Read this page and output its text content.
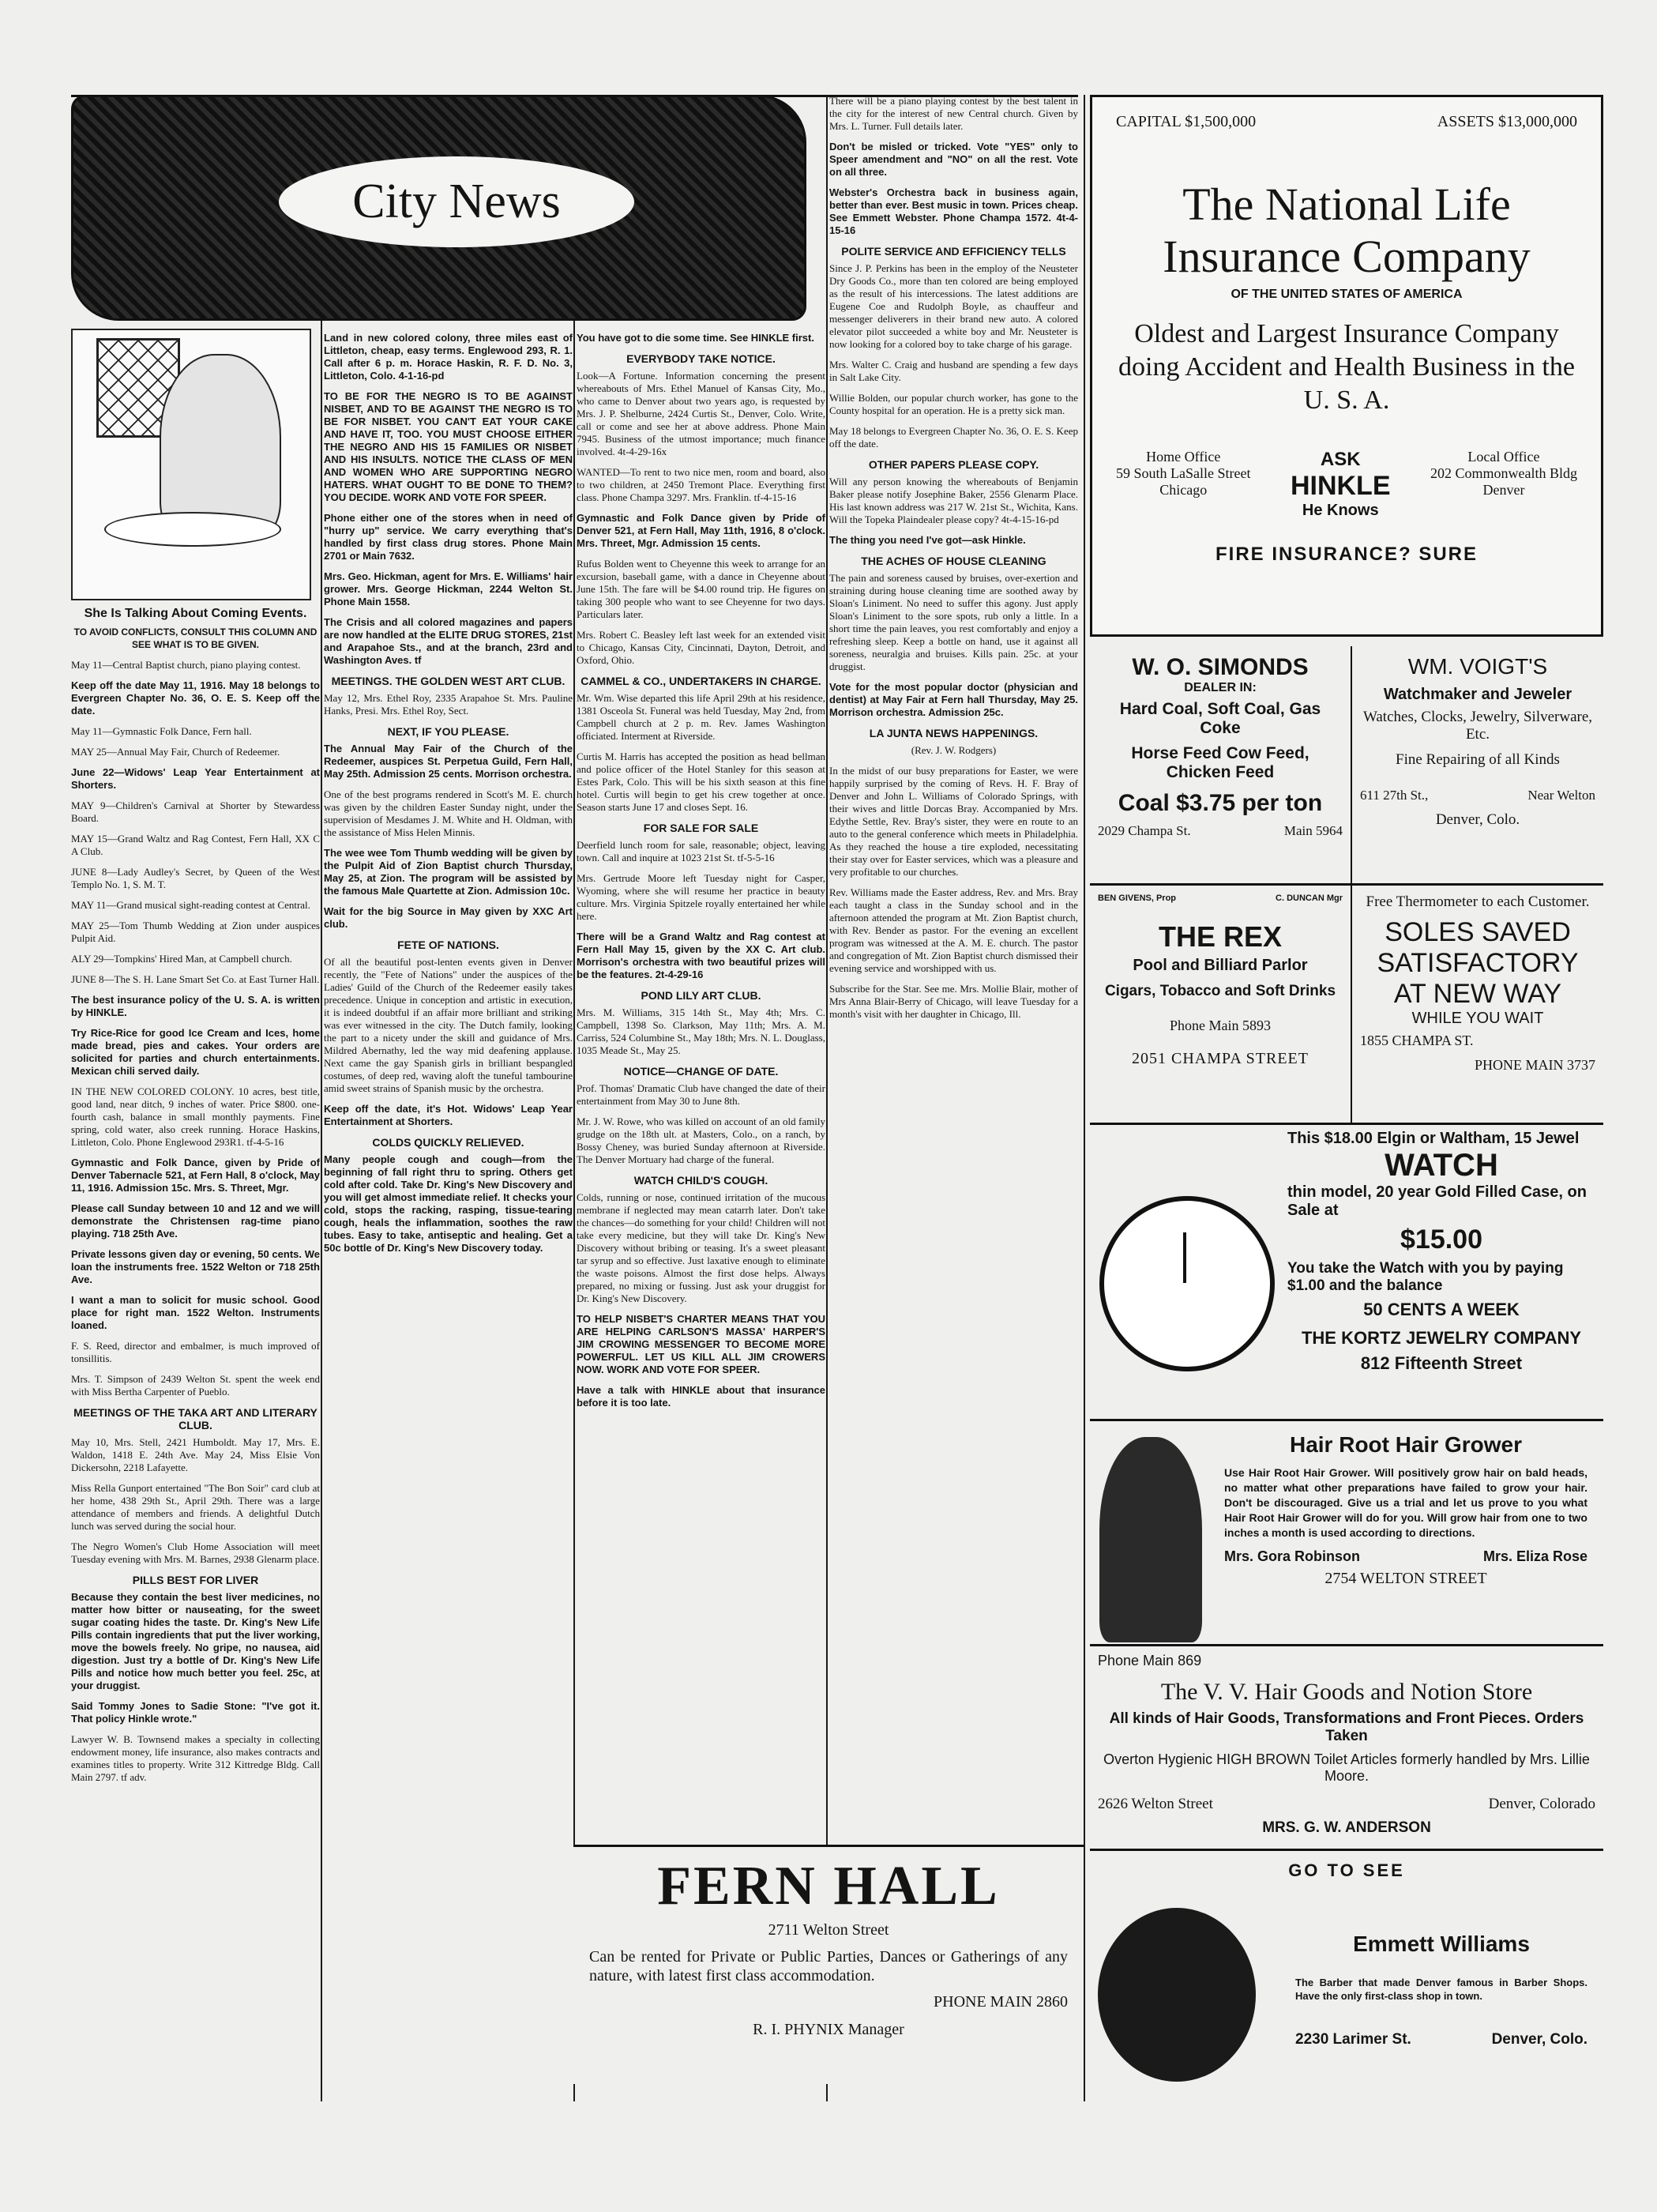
City News
She Is Talking About Coming Events.

TO AVOID CONFLICTS, CONSULT THIS COLUMN AND SEE WHAT IS TO BE GIVEN.

May 11—Central Baptist church, piano playing contest.

Keep off the date May 11, 1916. May 18 belongs to Evergreen Chapter No. 36, O. E. S. Keep off the date.

May 11—Gymnastic Folk Dance, Fern hall.

MAY 25—Annual May Fair, Church of Redeemer.

June 22—Widows' Leap Year Entertainment at Shorters.

MAY 9—Children's Carnival at Shorter by Stewardess Board.

MAY 15—Grand Waltz and Rag Contest, Fern Hall, XX C A Club.

JUNE 8—Lady Audley's Secret, by Queen of the West Templo No. 1, S. M. T.

MAY 11—Grand musical sight-reading contest at Central.

MAY 25—Tom Thumb Wedding at Zion under auspices Pulpit Aid.

ALY 29—Tompkins' Hired Man, at Campbell church.

JUNE 8—The S. H. Lane Smart Set Co. at East Turner Hall.

The best insurance policy of the U. S. A. is written by HINKLE.

Try Rice-Rice for good Ice Cream and Ices, home made bread, pies and cakes. Your orders are solicited for parties and church entertainments. Mexican chili served daily.

IN THE NEW COLORED COLONY. 10 acres, best title, good land, near ditch, 9 inches of water. Price $800. one-fourth cash, balance in small monthly payments. Fine spring, cold water, also creek running. Horace Haskins, Littleton, Colo. Phone Englewood 293R1. tf-4-5-16

Gymnastic and Folk Dance, given by Pride of Denver Tabernacle 521, at Fern Hall, 8 o'clock, May 11, 1916. Admission 15c. Mrs. S. Threet, Mgr.

Please call Sunday between 10 and 12 and we will demonstrate the Christensen rag-time piano playing. 718 25th Ave.

Private lessons given day or evening, 50 cents. We loan the instruments free. 1522 Welton or 718 25th Ave.

I want a man to solicit for music school. Good place for right man. 1522 Welton. Instruments loaned.

F. S. Reed, director and embalmer, is much improved of tonsillitis.

Mrs. T. Simpson of 2439 Welton St. spent the week end with Miss Bertha Carpenter of Pueblo.

MEETINGS OF THE TAKA ART AND LITERARY CLUB.

May 10, Mrs. Stell, 2421 Humboldt. May 17, Mrs. E. Waldon, 1418 E. 24th Ave. May 24, Miss Elsie Von Dickersohn, 2218 Lafayette.

Miss Rella Gunport entertained "The Bon Soir" card club at her home, 438 29th St., April 29th. There was a large attendance of members and friends. A delightful Dutch lunch was served during the social hour.

The Negro Women's Club Home Association will meet Tuesday evening with Mrs. M. Barnes, 2938 Glenarm place.

PILLS BEST FOR LIVER

Because they contain the best liver medicines, no matter how bitter or nauseating, for the sweet sugar coating hides the taste. Dr. King's New Life Pills contain ingredients that put the liver working, move the bowels freely. No gripe, no nausea, aid digestion. Just try a bottle of Dr. King's New Life Pills and notice how much better you feel. 25c, at your druggist.

Said Tommy Jones to Sadie Stone: "I've got it. That policy Hinkle wrote."

Lawyer W. B. Townsend makes a specialty in collecting endowment money, life insurance, also makes contracts and examines titles to property. Write 312 Kittredge Bldg. Call Main 2797. tf adv.

Land in new colored colony, three miles east of Littleton, cheap, easy terms. Englewood 293, R. 1. Call after 6 p. m. Horace Haskin, R. F. D. No. 3, Littleton, Colo. 4-1-16-pd

TO BE FOR THE NEGRO IS TO BE AGAINST NISBET, AND TO BE AGAINST THE NEGRO IS TO BE FOR NISBET. YOU CAN'T EAT YOUR CAKE AND HAVE IT, TOO. YOU MUST CHOOSE EITHER THE NEGRO AND HIS 15 FAMILIES OR NISBET AND HIS INSULTS. NOTICE THE CLASS OF MEN AND WOMEN WHO ARE SUPPORTING NEGRO HATERS. WHAT OUGHT TO BE DONE TO THEM? YOU DECIDE. WORK AND VOTE FOR SPEER.

Phone either one of the stores when in need of "hurry up" service. We carry everything that's handled by first class drug stores. Phone Main 2701 or Main 7632.

Mrs. Geo. Hickman, agent for Mrs. E. Williams' hair grower. Mrs. George Hickman, 2244 Welton St. Phone Main 1558.

The Crisis and all colored magazines and papers are now handled at the ELITE DRUG STORES, 21st and Arapahoe Sts., and at the branch, 23rd and Washington Aves. tf

MEETINGS. THE GOLDEN WEST ART CLUB.

May 12, Mrs. Ethel Roy, 2335 Arapahoe St. Mrs. Pauline Hanks, Presi. Mrs. Ethel Roy, Sect.

NEXT, IF YOU PLEASE.

The Annual May Fair of the Church of the Redeemer, auspices St. Perpetua Guild, Fern Hall, May 25th. Admission 25 cents. Morrison orchestra.

One of the best programs rendered in Scott's M. E. church was given by the children Easter Sunday night, under the supervision of Mesdames J. M. White and H. Oldman, with the assistance of Miss Helen Minnis.

The wee wee Tom Thumb wedding will be given by the Pulpit Aid of Zion Baptist church Thursday, May 25, at Zion. The program will be assisted by the famous Male Quartette at Zion. Admission 10c.

Wait for the big Source in May given by XXC Art club.

FETE OF NATIONS.

Of all the beautiful post-lenten events given in Denver recently, the "Fete of Nations" under the auspices of the Ladies' Guild of the Church of the Redeemer easily takes precedence. Unique in conception and artistic in execution, it is indeed doubtful if an affair more brilliant and striking was ever witnessed in the city. The Dutch family, looking the part to a nicety under the skill and guidance of Mrs. Mildred Abernathy, led the way mid deafening applause. Next came the gay Spanish girls in brilliant bespangled costumes, of deep red, waving aloft the tuneful tambourine amid sweet strains of Spanish music by the orchestra.

Keep off the date, it's Hot. Widows' Leap Year Entertainment at Shorters.

COLDS QUICKLY RELIEVED.

Many people cough and cough—from the beginning of fall right thru to spring. Others get cold after cold. Take Dr. King's New Discovery and you will get almost immediate relief. It checks your cold, stops the racking, rasping, tissue-tearing cough, heals the inflammation, soothes the raw tubes. Easy to take, antiseptic and healing. Get a 50c bottle of Dr. King's New Discovery today.

You have got to die some time. See HINKLE first.

EVERYBODY TAKE NOTICE.

Look—A Fortune. Information concerning the present whereabouts of Mrs. Ethel Manuel of Kansas City, Mo., who came to Denver about two years ago, is requested by Mrs. J. P. Shelburne, 2424 Curtis St., Denver, Colo. Write, call or come and see her at above address. Phone Main 7945. Business of the utmost importance; much finance involved. 4t-4-29-16x

WANTED—To rent to two nice men, room and board, also to two children, at 2450 Tremont Place. Everything first class. Phone Champa 3297. Mrs. Franklin. tf-4-15-16

Gymnastic and Folk Dance given by Pride of Denver 521, at Fern Hall, May 11th, 1916, 8 o'clock. Mrs. Threet, Mgr. Admission 15 cents.

Rufus Bolden went to Cheyenne this week to arrange for an excursion, baseball game, with a dance in Cheyenne about June 15th. The fare will be $4.00 round trip. He figures on taking 300 people who want to see Cheyenne for two days. Particulars later.

Mrs. Robert C. Beasley left last week for an extended visit to Chicago, Kansas City, Cincinnati, Dayton, Detroit, and Oxford, Ohio.

CAMMEL & CO., UNDERTAKERS IN CHARGE.

Mr. Wm. Wise departed this life April 29th at his residence, 1381 Osceola St. Funeral was held Tuesday, May 2nd, from Campbell church at 2 p. m. Rev. James Washington officiated. Interment at Riverside.

Curtis M. Harris has accepted the position as head bellman and police officer of the Hotel Stanley for this season at Estes Park, Colo. This will be his sixth season at this fine hotel. Curtis will begin to get his crew together at once. Season starts June 17 and closes Sept. 16.

FOR SALE FOR SALE

Deerfield lunch room for sale, reasonable; object, leaving town. Call and inquire at 1023 21st St. tf-5-5-16

Mrs. Gertrude Moore left Tuesday night for Casper, Wyoming, where she will resume her practice in beauty culture. Mrs. Virginia Spitzele royally entertained her while here.

There will be a Grand Waltz and Rag contest at Fern Hall May 15, given by the XX C. Art club. Morrison's orchestra with two beautiful prizes will be the features. 2t-4-29-16

POND LILY ART CLUB.

Mrs. M. Williams, 315 14th St., May 4th; Mrs. C. Campbell, 1398 So. Clarkson, May 11th; Mrs. A. M. Carriss, 524 Columbine St., May 18th; Mrs. N. L. Douglass, 1035 Meade St., May 25.

NOTICE—CHANGE OF DATE.

Prof. Thomas' Dramatic Club have changed the date of their entertainment from May 30 to June 8th.

Mr. J. W. Rowe, who was killed on account of an old family grudge on the 18th ult. at Masters, Colo., on a ranch, by Bossy Cheney, was buried Sunday afternoon at Riverside. The Denver Mortuary had charge of the funeral.

WATCH CHILD'S COUGH.

Colds, running or nose, continued irritation of the mucous membrane if neglected may mean catarrh later. Don't take the chances—do something for your child! Children will not take every medicine, but they will take Dr. King's New Discovery without bribing or teasing. It's a sweet pleasant tar syrup and so effective. Just laxative enough to eliminate the waste poisons. Almost the first dose helps. Always prepared, no mixing or fussing. Just ask your druggist for Dr. King's New Discovery.

TO HELP NISBET'S CHARTER MEANS THAT YOU ARE HELPING CARLSON'S MASSA' HARPER'S JIM CROWING MESSENGER TO BECOME MORE POWERFUL. LET US KILL ALL JIM CROWERS NOW. WORK AND VOTE FOR SPEER.

Have a talk with HINKLE about that insurance before it is too late.

There will be a piano playing contest by the best talent in the city for the interest of new Central church. Given by Mrs. L. Turner. Full details later.

Don't be misled or tricked. Vote "YES" only to Speer amendment and "NO" on all the rest. Vote on all three.

Webster's Orchestra back in business again, better than ever. Best music in town. Prices cheap. See Emmett Webster. Phone Champa 1572. 4t-4-15-16

POLITE SERVICE AND EFFICIENCY TELLS

Since J. P. Perkins has been in the employ of the Neusteter Dry Goods Co., more than ten colored are being employed as the result of his intercessions. The latest additions are Eugene Coe and Rudolph Boyle, as chauffeur and messenger deliverers in their brand new auto. A colored elevator pilot succeeded a white boy and Mr. Neusteter is now looking for a colored boy to take charge of his garage.

Mrs. Walter C. Craig and husband are spending a few days in Salt Lake City.

Willie Bolden, our popular church worker, has gone to the County hospital for an operation. He is a pretty sick man.

May 18 belongs to Evergreen Chapter No. 36, O. E. S. Keep off the date.

OTHER PAPERS PLEASE COPY.

Will any person knowing the whereabouts of Benjamin Baker please notify Josephine Baker, 2556 Glenarm Place. His last known address was 217 W. 21st St., Wichita, Kans. Will the Topeka Plaindealer please copy? 4t-4-15-16-pd

The thing you need I've got—ask Hinkle.

THE ACHES OF HOUSE CLEANING

The pain and soreness caused by bruises, over-exertion and straining during house cleaning time are soothed away by Sloan's Liniment. No need to suffer this agony. Just apply Sloan's Liniment to the sore spots, rub only a little. In a short time the pain leaves, you rest comfortably and enjoy a refreshing sleep. Keep a bottle on hand, use it against all soreness, neuralgia and bruises. Kills pain. 25c. at your druggist.

Vote for the most popular doctor (physician and dentist) at May Fair at Fern hall Thursday, May 25. Morrison orchestra. Admission 25c.

LA JUNTA NEWS HAPPENINGS.

(Rev. J. W. Rodgers)

In the midst of our busy preparations for Easter, we were happily surprised by the coming of Revs. H. F. Bray of Denver and John L. Williams of Colorado Springs, with their wives and little Dorcas Bray. Accompanied by Mrs. Edythe Settle, Rev. Bray's sister, they were en route to an auto to the general conference which meets in Philadelphia. As they reached the house a tire exploded, necessitating their stay over for Easter services, which was a pleasure and very profitable to our churches.

Rev. Williams made the Easter address, Rev. and Mrs. Bray each taught a class in the Sunday school and in the afternoon attended the program at Mt. Zion Baptist church, with Rev. Bender as pastor. For the evening an excellent program was witnessed at the A. M. E. church. The pastor and congregation of Mt. Zion Baptist church dismissed their evening service and worshipped with us.

Subscribe for the Star. See me. Mrs. Mollie Blair, mother of Mrs Anna Blair-Berry of Chicago, will leave Tuesday for a month's visit with her daughter in Chicago, Ill.

FERN HALL
2711 Welton Street

Can be rented for Private or Public Parties, Dances or Gatherings of any nature, with latest first class accommodation.

PHONE MAIN 2860
R. I. PHYNIX Manager
CAPITAL $1,500,000	ASSETS $13,000,000
The National Life
Insurance Company
OF THE UNITED STATES OF AMERICA
Oldest and Largest Insurance Company doing Accident and Health Business in the U. S. A.
Home Office
59 South LaSalle Street
Chicago
ASK
HINKLE
He Knows
Local Office
202 Commonwealth Bldg
Denver
FIRE INSURANCE? SURE
W. O. SIMONDS
DEALER IN:
Hard Coal, Soft Coal, Gas Coke
Horse Feed Cow Feed, Chicken Feed
Coal $3.75 per ton
2029 Champa St.	Main 5964
WM. VOIGT'S
Watchmaker and Jeweler
Watches, Clocks, Jewelry, Silverware, Etc.
Fine Repairing of all Kinds
611 27th St.,	Near Welton
Denver, Colo.
BEN GIVENS, Prop	C. DUNCAN Mgr
THE REX
Pool and Billiard Parlor
Cigars, Tobacco and Soft Drinks
Phone Main 5893
2051 CHAMPA STREET
Free Thermometer to each Customer.
SOLES SAVED
SATISFACTORY
AT NEW WAY
WHILE YOU WAIT
1855 CHAMPA ST.
PHONE MAIN 3737
This $18.00 Elgin or Waltham, 15 Jewel
WATCH
thin model, 20 year Gold Filled Case, on Sale at
$15.00
You take the Watch with you by paying $1.00 and the balance
50 CENTS A WEEK
THE KORTZ JEWELRY COMPANY
812 Fifteenth Street
Hair Root Hair Grower

Use Hair Root Hair Grower. Will positively grow hair on bald heads, no matter what other preparations have failed to grow your hair. Don't be discouraged. Give us a trial and let us prove to you what Hair Root Hair Grower will do for you. Will grow hair from one to two inches a month is used according to directions.

Mrs. Gora Robinson	Mrs. Eliza Rose
2754 WELTON STREET
Phone Main 869
The V. V. Hair Goods and Notion Store
All kinds of Hair Goods, Transformations and Front Pieces. Orders Taken
Overton Hygienic HIGH BROWN Toilet Articles formerly handled by Mrs. Lillie Moore.
2626 Welton Street	Denver, Colorado
MRS. G. W. ANDERSON
GO TO SEE
Emmett Williams

The Barber that made Denver famous in Barber Shops. Have the only first-class shop in town.

2230 Larimer St.	Denver, Colo.
